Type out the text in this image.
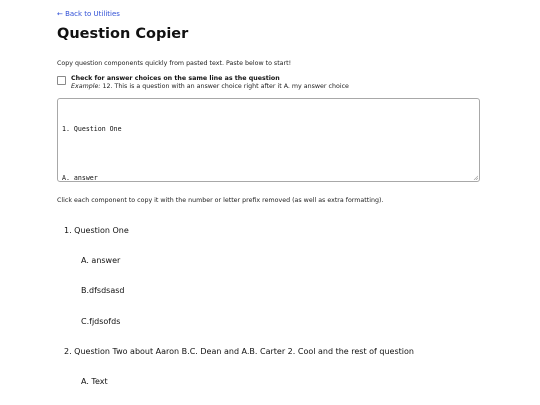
← Back to Utilities
Question Copier

Copy question components quickly from pasted text. Paste below to start!

Check for answer choices on the same line as the question
Example: 12. This is a question with an answer choice right after it A. my answer choice

1. Question One

A. answer

Click each component to copy it with the number or letter prefix removed (as well as extra formatting).

1. Question One
A. answer
B.dfsdsasd
C.fjdsofds
2. Question Two about Aaron B.C. Dean and A.B. Carter 2. Cool and the rest of question
A. Text
